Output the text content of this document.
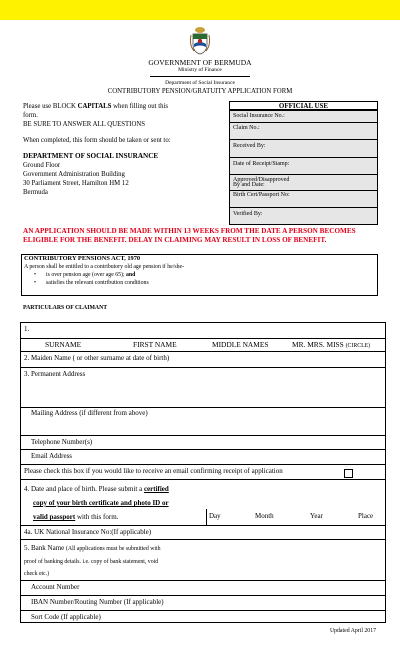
GOVERNMENT OF BERMUDA
Ministry of Finance
Department of Social Insurance
CONTRIBUTORY PENSION/GRATUITY APPLICATION FORM
Please use BLOCK CAPITALS when filling out this
form.
BE SURE TO ANSWER ALL QUESTIONS
When completed, this form should be taken or sent to:
DEPARTMENT OF SOCIAL INSURANCE
Ground Floor
Government Administration Building
30 Parliament Street, Hamilton HM 12
Bermuda
OFFICIAL USE
Social Insurance No.:
Claim No.:
Received By:
Date of Receipt/Stamp:
Approved/Disapproved
By and Date:
Birth Cert/Passport No:
Verified By:
AN APPLICATION SHOULD BE MADE WITHIN 13 WEEKS FROM THE DATE A PERSON BECOMES ELIGIBLE FOR THE BENEFIT. DELAY IN CLAIMING MAY RESULT IN LOSS OF BENEFIT.
CONTRIBUTORY PENSIONS ACT, 1970
A person shall be entitled to a contributory old age pension if he/she-
• is over pension age (over age 65); and
• satisfies the relevant contribution conditions
PARTICULARS OF CLAIMANT
1.
SURNAME	FIRST NAME	MIDDLE NAMES	MR. MRS. MISS (CIRCLE)
2. Maiden Name ( or other surname at date of birth)
3. Permanent Address
Mailing Address (if different from above)
Telephone Number(s)
Email Address
Please check this box if you would like to receive an email confirming receipt of application
4. Date and place of birth. Please submit a certified
copy of your birth certificate and photo ID or
valid passport with this form.	Day	Month	Year	Place
4a. UK National Insurance No:(If applicable)
5. Bank Name (All applications must be submitted with
proof of banking details. i.e. copy of bank statement, void
check etc.)
Account Number
IBAN Number/Routing Number (If applicable)
Sort Code (If applicable)
Updated April 2017
